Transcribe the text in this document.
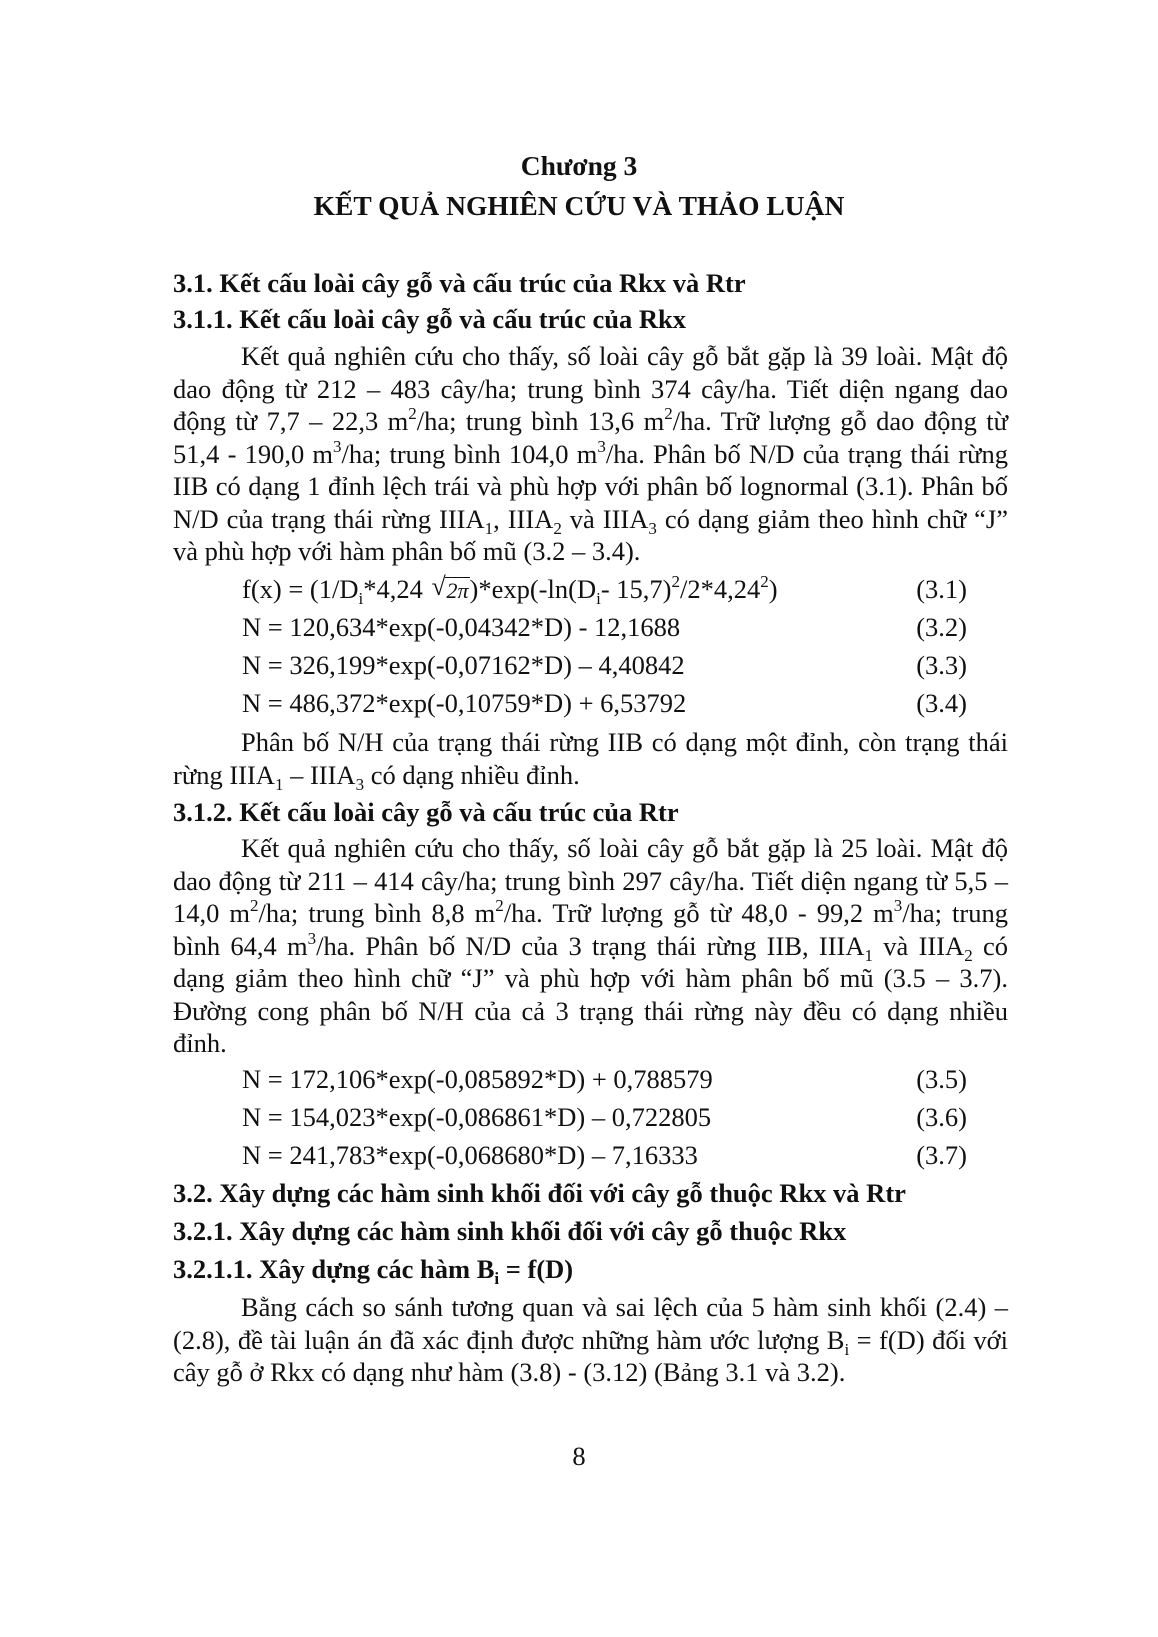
Chương 3
KẾT QUẢ NGHIÊN CỨU VÀ THẢO LUẬN
3.1. Kết cấu loài cây gỗ và cấu trúc của Rkx và Rtr
3.1.1. Kết cấu loài cây gỗ và cấu trúc của Rkx

Kết quả nghiên cứu cho thấy, số loài cây gỗ bắt gặp là 39 loài. Mật độ dao động từ 212 – 483 cây/ha; trung bình 374 cây/ha. Tiết diện ngang dao động từ 7,7 – 22,3 $m^2/ha$; trung bình 13,6 $m^2/ha$. Trữ lượng gỗ dao động từ 51,4 - 190,0 $m^3/ha$; trung bình 104,0 $m^3/ha$. Phân bố N/D của trạng thái rừng IIB có dạng 1 đỉnh lệch trái và phù hợp với phân bố lognormal (3.1). Phân bố N/D của trạng thái rừng $IIIA_1$, $IIIA_2$ và $IIIA_3$ có dạng giảm theo hình chữ “J” và phù hợp với hàm phân bố mũ (3.2 – 3.4).

$f(x) = (1/D_i*4,24$ √ $2\pi)*\exp(-\ln(D_i-$ 15,7)$^2$/2*4,24$^2$)	(3.1)
N = 120,634*exp(-0,04342*D) - 12,1688	(3.2)
N = 326,199*exp(-0,07162*D) – 4,40842	(3.3)
N = 486,372*exp(-0,10759*D) + 6,53792	(3.4)

Phân bố N/H của trạng thái rừng IIB có dạng một đỉnh, còn trạng thái rừng $IIIA_1$ – $IIIA_3$ có dạng nhiều đỉnh.

3.1.2. Kết cấu loài cây gỗ và cấu trúc của Rtr

Kết quả nghiên cứu cho thấy, số loài cây gỗ bắt gặp là 25 loài. Mật độ dao động từ 211 – 414 cây/ha; trung bình 297 cây/ha. Tiết diện ngang từ 5,5 – 14,0 $m^2/ha$; trung bình 8,8 $m^2/ha$. Trữ lượng gỗ từ 48,0 - 99,2 $m^3/ha$; trung bình 64,4 $m^3/ha$. Phân bố N/D của 3 trạng thái rừng IIB, $IIIA_1$ và $IIIA_2$ có dạng giảm theo hình chữ “J” và phù hợp với hàm phân bố mũ (3.5 – 3.7). Đường cong phân bố N/H của cả 3 trạng thái rừng này đều có dạng nhiều đỉnh.

N = 172,106*exp(-0,085892*D) + 0,788579	(3.5)
N = 154,023*exp(-0,086861*D) – 0,722805	(3.6)
N = 241,783*exp(-0,068680*D) – 7,16333	(3.7)
3.2. Xây dựng các hàm sinh khối đối với cây gỗ thuộc Rkx và Rtr
3.2.1. Xây dựng các hàm sinh khối đối với cây gỗ thuộc Rkx
3.2.1.1. Xây dựng các hàm $B_i = f(D)$

Bằng cách so sánh tương quan và sai lệch của 5 hàm sinh khối (2.4) – (2.8), đề tài luận án đã xác định được những hàm ước lượng $B_i = f(D)$ đối với cây gỗ ở Rkx có dạng như hàm (3.8) - (3.12) (Bảng 3.1 và 3.2).

8
